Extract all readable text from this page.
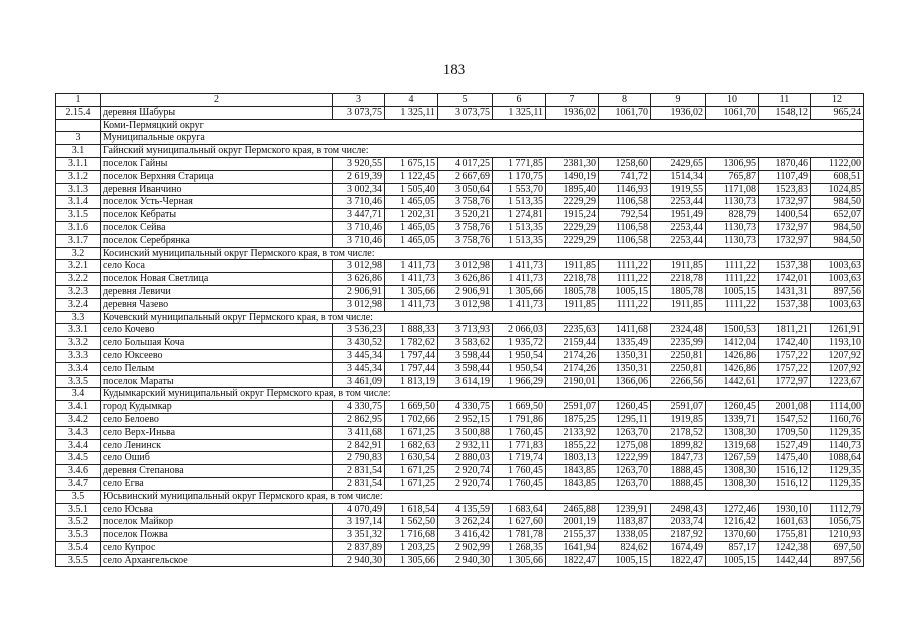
183
1	2	3	4	5	6	7	8	9	10	11	12
2.15.4	деревня Шабуры	3 073,75	1 325,11	3 073,75	1 325,11	1936,02	1061,70	1936,02	1061,70	1548,12	965,24
	Коми-Пермяцкий округ										
3	Муниципальные округа										
3.1	Гайнский муниципальный округ Пермского края, в том числе:										
3.1.1	поселок Гайны	3 920,55	1 675,15	4 017,25	1 771,85	2381,30	1258,60	2429,65	1306,95	1870,46	1122,00
3.1.2	поселок Верхняя Старица	2 619,39	1 122,45	2 667,69	1 170,75	1490,19	741,72	1514,34	765,87	1107,49	608,51
3.1.3	деревня Иванчино	3 002,34	1 505,40	3 050,64	1 553,70	1895,40	1146,93	1919,55	1171,08	1523,83	1024,85
3.1.4	поселок Усть-Черная	3 710,46	1 465,05	3 758,76	1 513,35	2229,29	1106,58	2253,44	1130,73	1732,97	984,50
3.1.5	поселок Кебраты	3 447,71	1 202,31	3 520,21	1 274,81	1915,24	792,54	1951,49	828,79	1400,54	652,07
3.1.6	поселок Сейва	3 710,46	1 465,05	3 758,76	1 513,35	2229,29	1106,58	2253,44	1130,73	1732,97	984,50
3.1.7	поселок Серебрянка	3 710,46	1 465,05	3 758,76	1 513,35	2229,29	1106,58	2253,44	1130,73	1732,97	984,50
3.2	Косинский муниципальный округ Пермского края, в том числе:										
3.2.1	село Коса	3 012,98	1 411,73	3 012,98	1 411,73	1911,85	1111,22	1911,85	1111,22	1537,38	1003,63
3.2.2	поселок Новая Светлица	3 626,86	1 411,73	3 626,86	1 411,73	2218,78	1111,22	2218,78	1111,22	1742,01	1003,63
3.2.3	деревня Левичи	2 906,91	1 305,66	2 906,91	1 305,66	1805,78	1005,15	1805,78	1005,15	1431,31	897,56
3.2.4	деревня Чазево	3 012,98	1 411,73	3 012,98	1 411,73	1911,85	1111,22	1911,85	1111,22	1537,38	1003,63
3.3	Кочевский муниципальный округ Пермского края, в том числе:										
3.3.1	село Кочево	3 536,23	1 888,33	3 713,93	2 066,03	2235,63	1411,68	2324,48	1500,53	1811,21	1261,91
3.3.2	село Большая Коча	3 430,52	1 782,62	3 583,62	1 935,72	2159,44	1335,49	2235,99	1412,04	1742,40	1193,10
3.3.3	село Юксеево	3 445,34	1 797,44	3 598,44	1 950,54	2174,26	1350,31	2250,81	1426,86	1757,22	1207,92
3.3.4	село Пелым	3 445,34	1 797,44	3 598,44	1 950,54	2174,26	1350,31	2250,81	1426,86	1757,22	1207,92
3.3.5	поселок Мараты	3 461,09	1 813,19	3 614,19	1 966,29	2190,01	1366,06	2266,56	1442,61	1772,97	1223,67
3.4	Кудымкарский муниципальный округ Пермского края, в том числе:										
3.4.1	город Кудымкар	4 330,75	1 669,50	4 330,75	1 669,50	2591,07	1260,45	2591,07	1260,45	2001,08	1114,00
3.4.2	село Белоево	2 862,95	1 702,66	2 952,15	1 791,86	1875,25	1295,11	1919,85	1339,71	1547,52	1160,76
3.4.3	село Верх-Иньва	3 411,68	1 671,25	3 500,88	1 760,45	2133,92	1263,70	2178,52	1308,30	1709,50	1129,35
3.4.4	село Ленинск	2 842,91	1 682,63	2 932,11	1 771,83	1855,22	1275,08	1899,82	1319,68	1527,49	1140,73
3.4.5	село Ошиб	2 790,83	1 630,54	2 880,03	1 719,74	1803,13	1222,99	1847,73	1267,59	1475,40	1088,64
3.4.6	деревня Степанова	2 831,54	1 671,25	2 920,74	1 760,45	1843,85	1263,70	1888,45	1308,30	1516,12	1129,35
3.4.7	село Егва	2 831,54	1 671,25	2 920,74	1 760,45	1843,85	1263,70	1888,45	1308,30	1516,12	1129,35
3.5	Юсьвинский муниципальный округ Пермского края, в том числе:										
3.5.1	село Юсьва	4 070,49	1 618,54	4 135,59	1 683,64	2465,88	1239,91	2498,43	1272,46	1930,10	1112,79
3.5.2	поселок Майкор	3 197,14	1 562,50	3 262,24	1 627,60	2001,19	1183,87	2033,74	1216,42	1601,63	1056,75
3.5.3	поселок Пожва	3 351,32	1 716,68	3 416,42	1 781,78	2155,37	1338,05	2187,92	1370,60	1755,81	1210,93
3.5.4	село Купрос	2 837,89	1 203,25	2 902,99	1 268,35	1641,94	824,62	1674,49	857,17	1242,38	697,50
3.5.5	село Архангельское	2 940,30	1 305,66	2 940,30	1 305,66	1822,47	1005,15	1822,47	1005,15	1442,44	897,56
